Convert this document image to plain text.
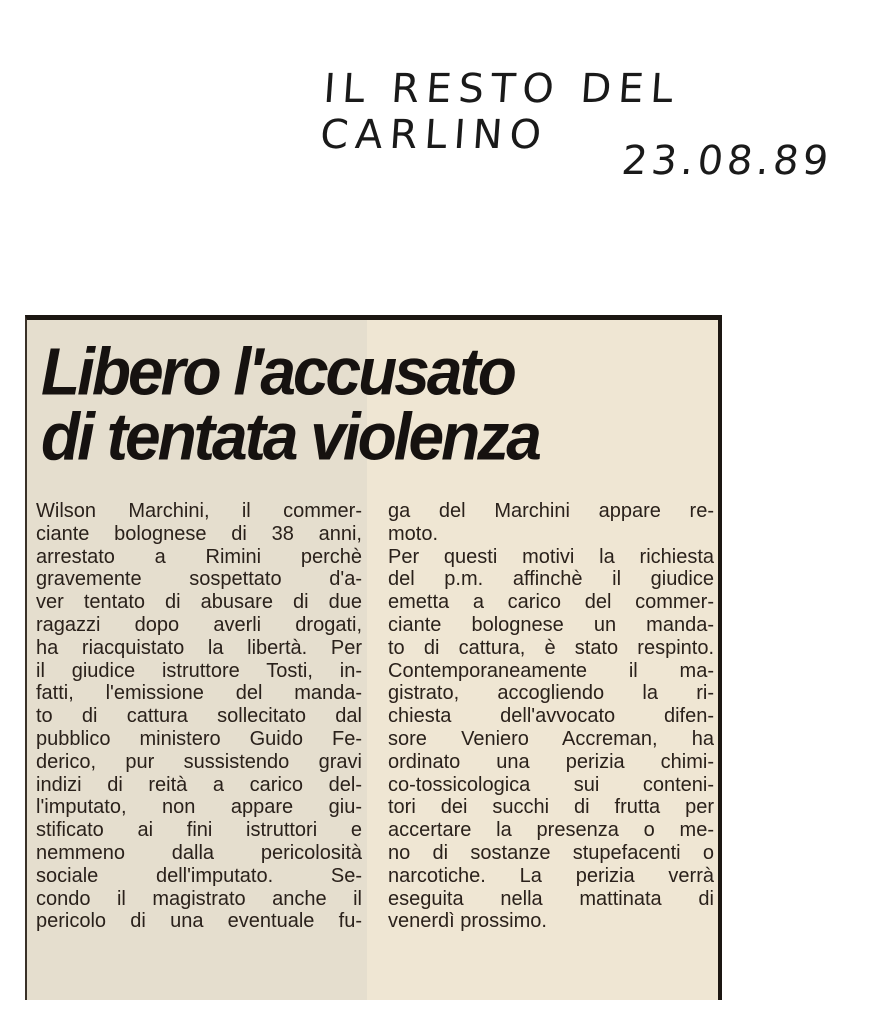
IL RESTO DEL CARLINO
23.08.89
Libero l'accusato
di tentata violenza
Wilson Marchini, il commer-
ciante bolognese di 38 anni,
arrestato a Rimini perchè
gravemente sospettato d'a-
ver tentato di abusare di due
ragazzi dopo averli drogati,
ha riacquistato la libertà. Per
il giudice istruttore Tosti, in-
fatti, l'emissione del manda-
to di cattura sollecitato dal
pubblico ministero Guido Fe-
derico, pur sussistendo gravi
indizi di reità a carico del-
l'imputato, non appare giu-
stificato ai fini istruttori e
nemmeno dalla pericolosità
sociale dell'imputato. Se-
condo il magistrato anche il
pericolo di una eventuale fu-
ga del Marchini appare re-
moto.
Per questi motivi la richiesta
del p.m. affinchè il giudice
emetta a carico del commer-
ciante bolognese un manda-
to di cattura, è stato respinto.
Contemporaneamente il ma-
gistrato, accogliendo la ri-
chiesta dell'avvocato difen-
sore Veniero Accreman, ha
ordinato una perizia chimi-
co-tossicologica sui conteni-
tori dei succhi di frutta per
accertare la presenza o me-
no di sostanze stupefacenti o
narcotiche. La perizia verrà
eseguita nella mattinata di
venerdì prossimo.
